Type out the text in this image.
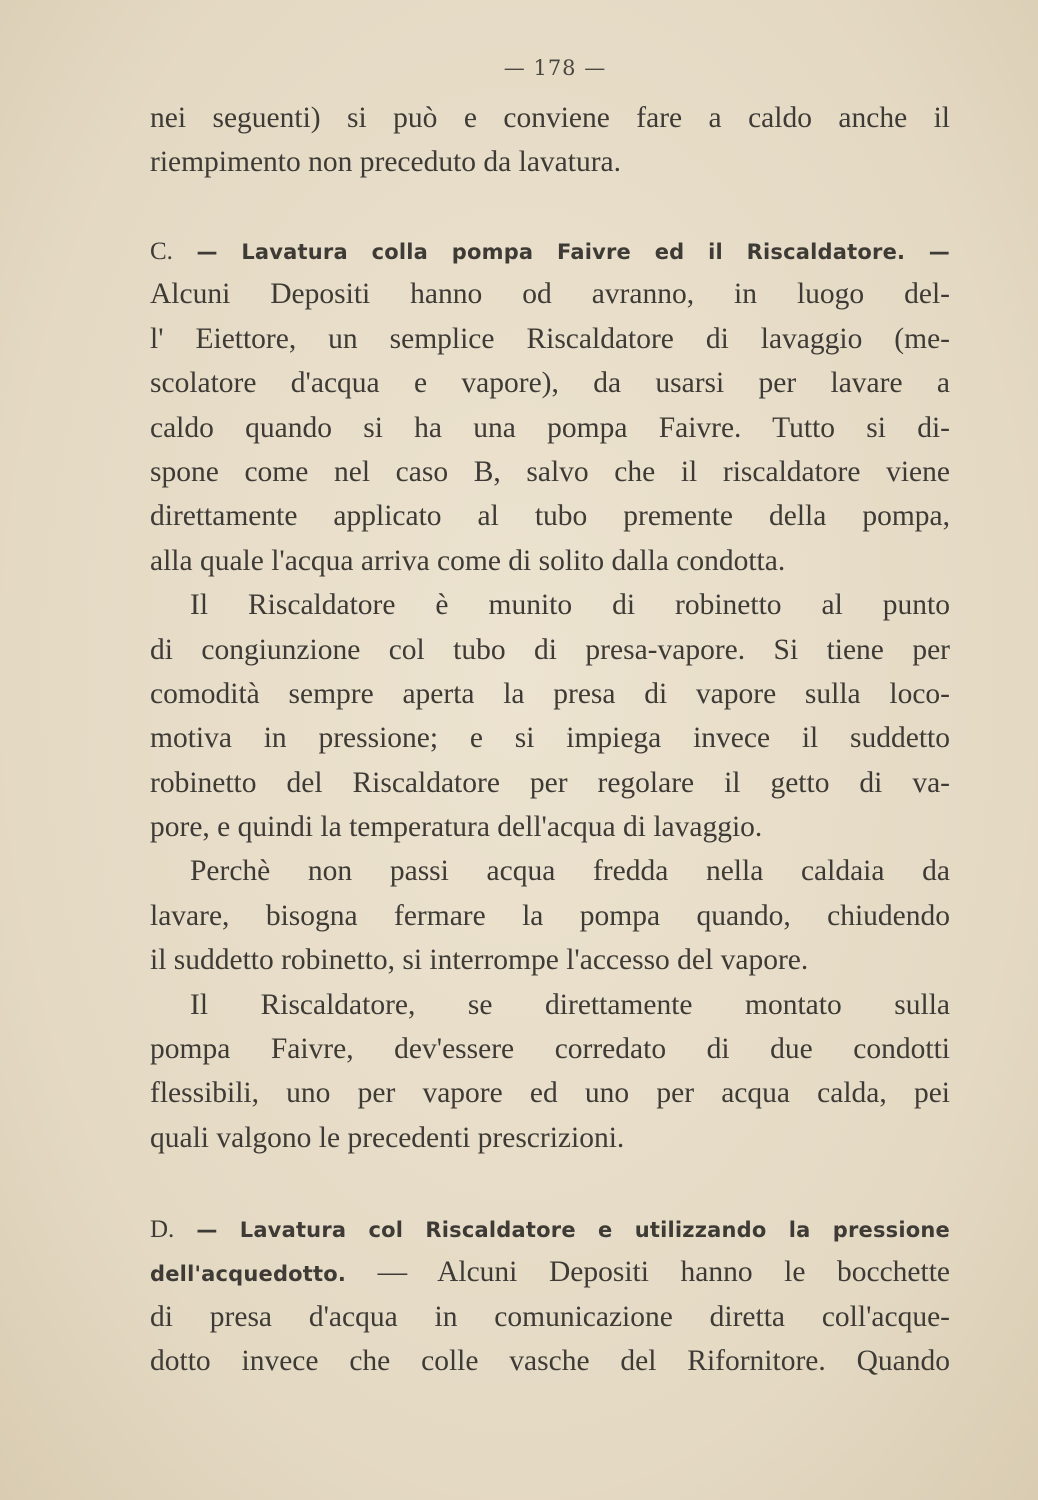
— 178 —
nei seguenti) si può e conviene fare a caldo anche il
riempimento non preceduto da lavatura.
C. — Lavatura colla pompa Faivre ed il Riscaldatore. —
Alcuni Depositi hanno od avranno, in luogo del-
l' Eiettore, un semplice Riscaldatore di lavaggio (me-
scolatore d'acqua e vapore), da usarsi per lavare a
caldo quando si ha una pompa Faivre. Tutto si di-
spone come nel caso B, salvo che il riscaldatore viene
direttamente applicato al tubo premente della pompa,
alla quale l'acqua arriva come di solito dalla condotta.
Il Riscaldatore è munito di robinetto al punto
di congiunzione col tubo di presa-vapore. Si tiene per
comodità sempre aperta la presa di vapore sulla loco-
motiva in pressione; e si impiega invece il suddetto
robinetto del Riscaldatore per regolare il getto di va-
pore, e quindi la temperatura dell'acqua di lavaggio.
Perchè non passi acqua fredda nella caldaia da
lavare, bisogna fermare la pompa quando, chiudendo
il suddetto robinetto, si interrompe l'accesso del vapore.
Il Riscaldatore, se direttamente montato sulla
pompa Faivre, dev'essere corredato di due condotti
flessibili, uno per vapore ed uno per acqua calda, pei
quali valgono le precedenti prescrizioni.
D. — Lavatura col Riscaldatore e utilizzando la pressione
dell'acquedotto. — Alcuni Depositi hanno le bocchette
di presa d'acqua in comunicazione diretta coll'acque-
dotto invece che colle vasche del Rifornitore. Quando
